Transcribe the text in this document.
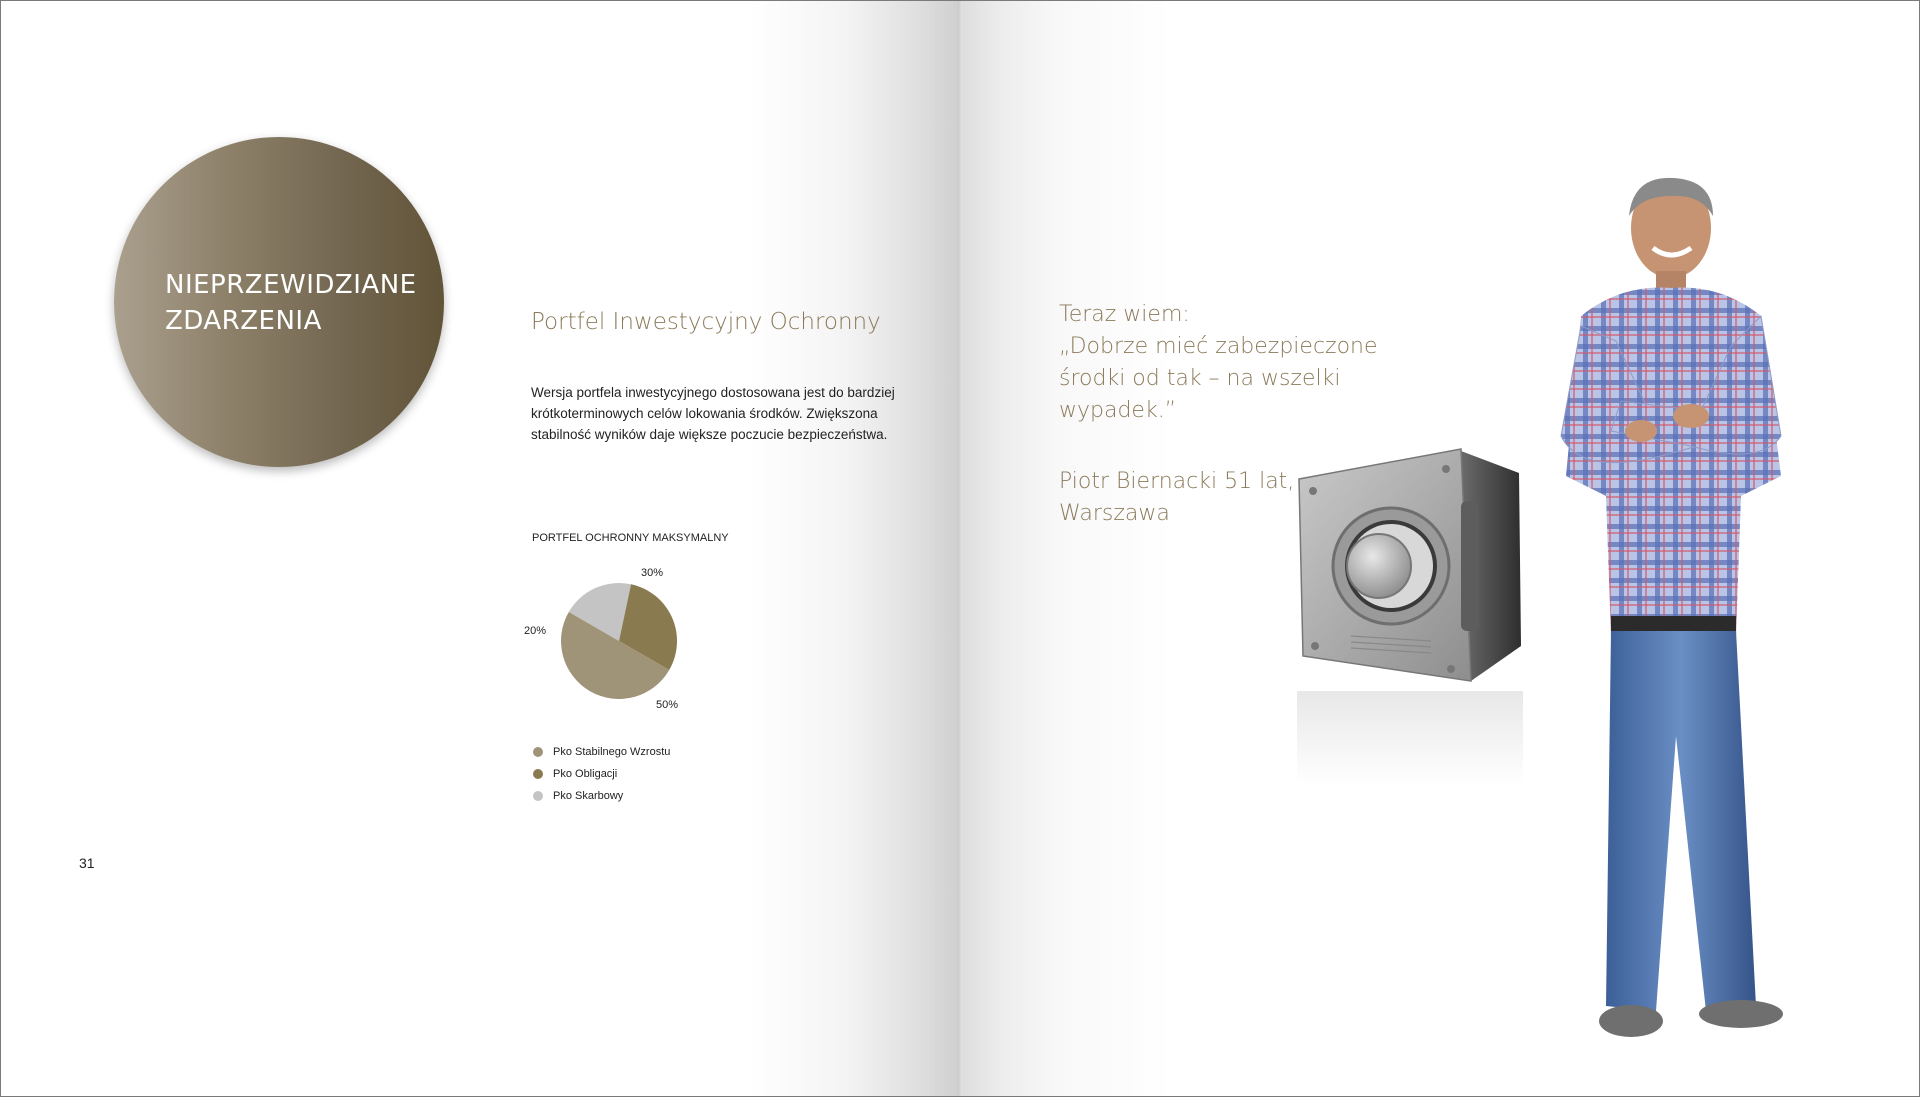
NIEPRZEWIDZIANE
ZDARZENIA	Portfel Inwestycyjny Ochronny
Wersja portfela inwestycyjnego dostosowana jest do bardziej
krótkoterminowych celów lokowania środków. Zwiększona
stabilność wyników daje większe poczucie bezpieczeństwa.
PORTFEL OCHRONNY MAKSYMALNY
50%
30%
20%
Pko Stabilnego Wzrostu
Pko Obligacji
Pko Skarbowy
31
Teraz wiem:
„Dobrze mieć zabezpieczone
środki od tak – na wszelki
wypadek.”
Piotr Biernacki 51 lat,
Warszawa
